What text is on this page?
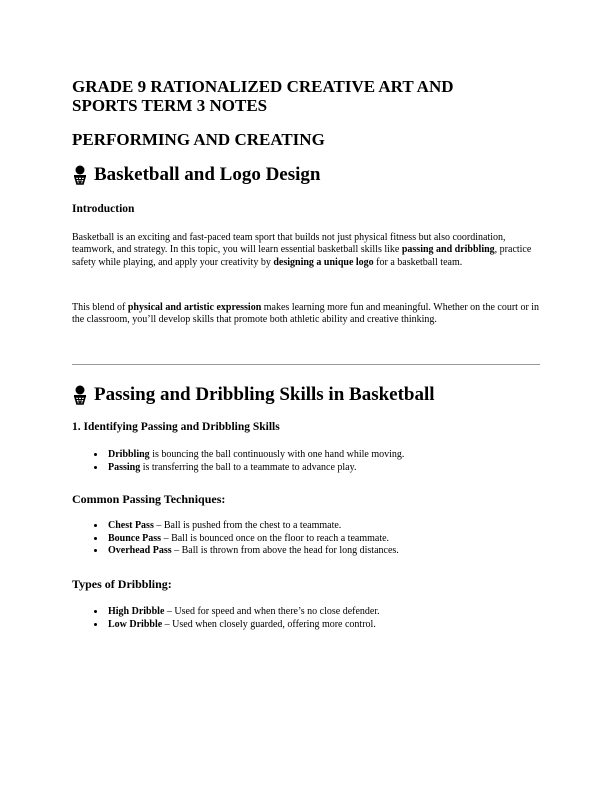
GRADE 9 RATIONALIZED CREATIVE ART AND SPORTS TERM 3 NOTES
PERFORMING AND CREATING
Basketball and Logo Design
Introduction

Basketball is an exciting and fast-paced team sport that builds not just physical fitness but also coordination, teamwork, and strategy. In this topic, you will learn essential basketball skills like passing and dribbling, practice safety while playing, and apply your creativity by designing a unique logo for a basketball team.

This blend of physical and artistic expression makes learning more fun and meaningful. Whether on the court or in the classroom, you’ll develop skills that promote both athletic ability and creative thinking.

Passing and Dribbling Skills in Basketball
1. Identifying Passing and Dribbling Skills
• Dribbling is bouncing the ball continuously with one hand while moving.
• Passing is transferring the ball to a teammate to advance play.
Common Passing Techniques:
• Chest Pass – Ball is pushed from the chest to a teammate.
• Bounce Pass – Ball is bounced once on the floor to reach a teammate.
• Overhead Pass – Ball is thrown from above the head for long distances.
Types of Dribbling:
• High Dribble – Used for speed and when there’s no close defender.
• Low Dribble – Used when closely guarded, offering more control.
